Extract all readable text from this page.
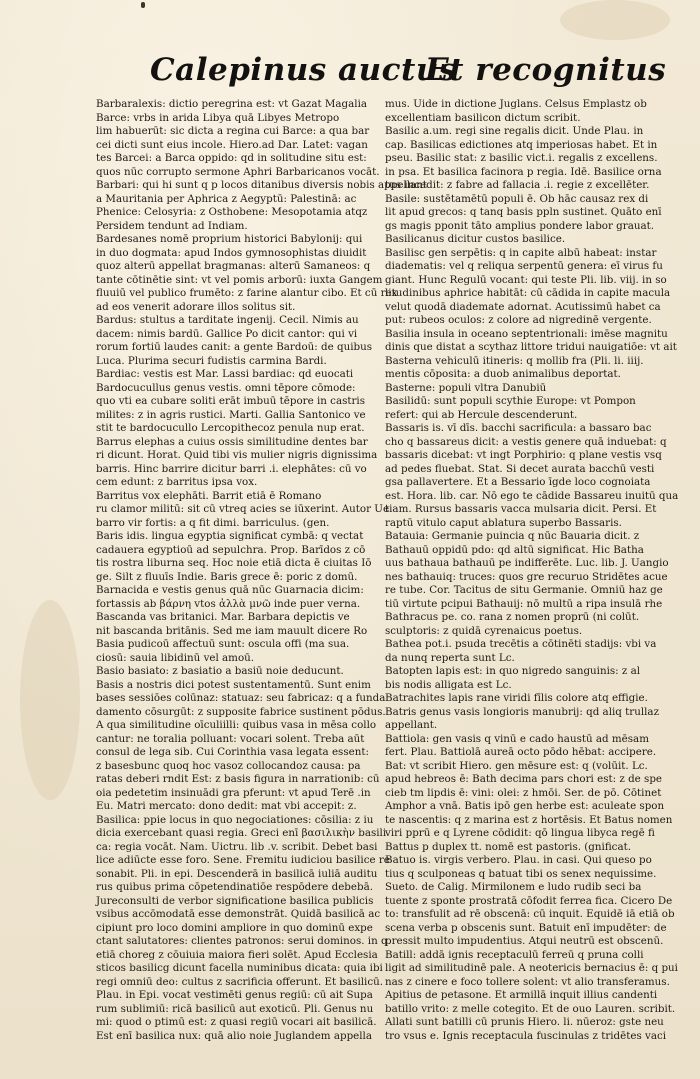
Calepinus auctus
Et recognitus
Barbaralexis: dictio peregrina est: vt Gazat Magalia
Barce: vrbs in arida Libya quā Libyes Metropo
lim habuerūt: sic dicta a regina cui Barce: a qua bar
cei dicti sunt eius incole. Hiero.ad Dar. Latet: vagan
tes Barcei: a Barca oppido: qd in solitudine situ est:
quos nūc corrupto sermone Aphri Barbaricanos vocāt.
Barbari: qui hi sunt q p locos ditanibus diversis nobis appellant
a Mauritania per Aphrica z Aegyptū: Palestinā: ac
Phenice: Celosyria: z Osthobene: Mesopotamia atqz
Persidem tendunt ad Indiam.
Bardesanes nomē proprium historici Babylonij: qui
in duo dogmata: apud Indos gymnosophistas diuidit
quoz alterū appellat bragmanas: alterū Samaneos: q
tante cōtinētie sint: vt vel pomis arborū: iuxta Gangem
fluuiū vel publico frumēto: z farine alantur cibo. Et cū rex
ad eos venerit adorare illos solitus sit.
Bardus: stultus a tarditate ingenij. Cecil. Nimis au
dacem: nimis bardū. Gallice Po dicit cantor: qui vi
rorum fortiū laudes canit: a gente Bardoū: de quibus
Luca. Plurima securi fudistis carmina Bardi.
Bardiac: vestis est Mar. Lassi bardiac: qd euocati
Bardocucullus genus vestis. omni tēpore cōmode:
quo vti ea cubare soliti erāt imbuū tēpore in castris
milites: z in agris rustici. Marti. Gallia Santonico ve
stit te bardocucullo Lercopithecoz penula nup erat.
Barrus elephas a cuius ossis similitudine dentes bar
ri dicunt. Horat. Quid tibi vis mulier nigris dignissima
barris. Hinc barrire dicitur barri .i. elephātes: cū vo
cem edunt: z barritus ipsa vox.
Barritus vox elephāti. Barrit etiā ē Romano
ru clamor militū: sit cū vtreq acies se iūxerint. Autor Ue
barro vir fortis: a q fit dimi. barriculus. (gen.
Baris idis. lingua egyptia significat cymbā: q vectat
cadauera egyptioū ad sepulchra. Prop. Barīdos z cō
tis rostra liburna seq. Hoc noie etiā dicta ē ciuitas Iō
ge. Silt z fluuīs Indie. Baris grece ē: poric z domū.
Barnacida e vestis genus quā nūc Guarnacia dicim:
fortassis ab βάρνη vtos ἀλλὰ μνῶ inde puer verna.
Bascanda vas britanici. Mar. Barbara depictis ve
nit bascanda britānis. Sed me iam mauult dicere Ro
Basia pudicoū affectuū sunt: oscula offi (ma sua.
ciosū: sauia libidinū vel amoū.
Basio basiato: z basiatio a basiū noie deducunt.
Basis a nostris dici potest sustentamentū. Sunt enim
bases sessiōes colūnaz: statuaz: seu fabricaz: q a funda
damento cōsurgūt: z supposite fabrice sustinent pōdus.
A qua similitudine oīculiilli: quibus vasa in mēsa collo
cantur: ne toralia polluant: vocari solent. Treba aūt
consul de lega sib. Cui Corinthia vasa legata essent:
z basesbunc quoq hoc vasoz collocandoz causa: pa
ratas deberi rndit Est: z basis figura in narrationib: cū
oia pedetetim insinuādi gra pferunt: vt apud Terē .in
Eu. Matri mercato: dono dedit: mat vbi accepit: z.
Basilica: ppie locus in quo negociationes: cōsilia: z iu
dicia exercebant quasi regia. Greci enī βασιλικὴν basili
ca: regia vocāt. Nam. Uictru. lib .v. scribit. Debet basi
lice adiūcte esse foro. Sene. Fremitu iudiciou basilice re
sonabit. Pli. in epi. Descenderā in basilicā iuliā auditu
rus quibus prima cōpetendinatiōe respōdere debebā.
Jureconsulti de verbor significatione basilica publicis
vsibus accōmodatā esse demonstrāt. Quidā basilicā ac
cipiunt pro loco domini ampliore in quo dominū expe
ctant salutatores: clientes patronos: serui dominos. in q
etiā choreg z cōuiuia maiora fieri solēt. Apud Ecclesia
sticos basilicg dicunt facella numinibus dicata: quia ibi
regi omniū deo: cultus z sacrificia offerunt. Et basilicū.
Plau. in Epi. vocat vestimēti genus regiū: cū ait Supa
rum sublimiū: ricā basilicū aut exoticū. Pli. Genus nu
mi: quod o ptimū est: z quasi regiū vocari ait basilicā.
Est enī basilica nux: quā alio noie Juglandem appella
mus. Uide in dictione Juglans. Celsus Emplastz ob
excellentiam basilicon dictum scribit.
Basilic a.um. regi sine regalis dicit. Unde Plau. in
cap. Basilicas edictiones atq imperiosas habet. Et in
pseu. Basilic stat: z basilic vict.i. regalis z excellens.
in psa. Et basilica facinora p regia. Idē. Basilice orna
tus incedit: z fabre ad fallacia .i. regie z excellēter.
Basile: sustētamētū populi ē. Ob hāc causaz rex di
lit apud grecos: q tanq basis ppln sustinet. Quāto enī
gs magis pponit tāto amplius pondere labor grauat.
Basilicanus dicitur custos basilice.
Basilisc gen serpētis: q in capite albū habeat: instar
diadematis: vel q reliqua serpentū genera: eī virus fu
giant. Hunc Regulū vocant: qui teste Pli. lib. viij. in so
litudinibus aphrice habitāt: cū cādida in capite macula
velut quodā diademate adornat. Acutissimū habet ca
put: rubeos oculos: z colore ad nigredinē vergente.
Basilia insula in oceano septentrionali: imēse magnitu
dinis que distat a scythaz littore tridui nauigatiōe: vt ait
Basterna vehiculū itineris: q mollib fra (Pli. li. iiij.
mentis cōposita: a duob animalibus deportat.
Basterne: populi vltra Danubiū
Basilidū: sunt populi scythie Europe: vt Pompon
refert: qui ab Hercule descenderunt.
Bassaris is. vī dīs. bacchi sacrificula: a bassaro bac
cho q bassareus dicit: a vestis genere quā induebat: q
bassaris dicebat: vt ingt Porphirio: q plane vestis vsq
ad pedes fluebat. Stat. Si decet aurata bacchū vesti
gsa pallavertere. Et a Bessario īgde loco cognoiata
est. Hora. lib. car. Nō ego te cādide Bassareu inuitū qua
tiam. Rursus bassaris vacca mulsaria dicit. Persi. Et
raptū vitulo caput ablatura superbo Bassaris.
Batauia: Germanie puincia q nūc Bauaria dicit. z
Bathauū oppidū pdo: qd altū significat. Hic Batha
uus bathaua bathauū pe indifferēte. Luc. lib. J. Uangio
nes bathauiq: truces: quos gre recuruo Stridētes acue
re tube. Cor. Tacitus de situ Germanie. Omniū haz ge
tiū virtute pcipui Bathauij: nō multū a ripa insulā rhe
Bathracus pe. co. rana z nomen proprū (ni colūt.
sculptoris: z quidā cyrenaicus poetus.
Bathea pot.i. psuda trecētis a cōtinēti stadijs: vbi va
da nunq reperta sunt Lc.
Batopten lapis est: in quo nigredo sanguinis: z al
bis nodis alligata est Lc.
Batrachites lapis rane viridi fīlis colore atq effigie.
Batris genus vasis longioris manubrij: qd aliq trullaz
appellant.
Battiola: gen vasis q vinū e cado haustū ad mēsam
fert. Plau. Battiolā aureā octo pōdo hēbat: accipere.
Bat: vt scribit Hiero. gen mēsure est: q (volūit. Lc.
apud hebreos ē: Bath decima pars chori est: z de spe
cieb tm lipdis ē: vini: olei: z hmōi. Ser. de pō. Cōtinet
Amphor a vnā. Batis ipō gen herbe est: aculeate spon
te nascentis: q z marina est z hortēsis. Et Batus nomen
viri pprū e q Lyrene cōdidit: qō lingua libyca regē fi
Battus p duplex tt. nomē est pastoris. (gnificat.
Batuo is. virgis verbero. Plau. in casi. Qui queso po
tius q sculponeas q batuat tibi os senex nequissime.
Sueto. de Calig. Mirmilonem e ludo rudib seci ba
tuente z sponte prostratā cōfodit ferrea fica. Cicero De
to: transfulit ad rē obscenā: cū inquit. Equidē iā etiā ob
scena verba p obscenis sunt. Batuit enī impudēter: de
pressit multo impudentius. Atqui neutrū est obscenū.
Batill: addā ignis receptaculū ferreū q pruna colli
ligit ad similitudinē pale. A neotericis bernacius ē: q pui
nas z cinere e foco tollere solent: vt alio transferamus.
Apitius de petasone. Et armillā inquit illius candenti
batillo vrito: z melle cotegito. Et de ouo Lauren. scribit.
Allati sunt batilli cū prunis Hiero. li. nūeroz: gste neu
tro vsus e. Ignis receptacula fuscinulas z tridētes vaci
